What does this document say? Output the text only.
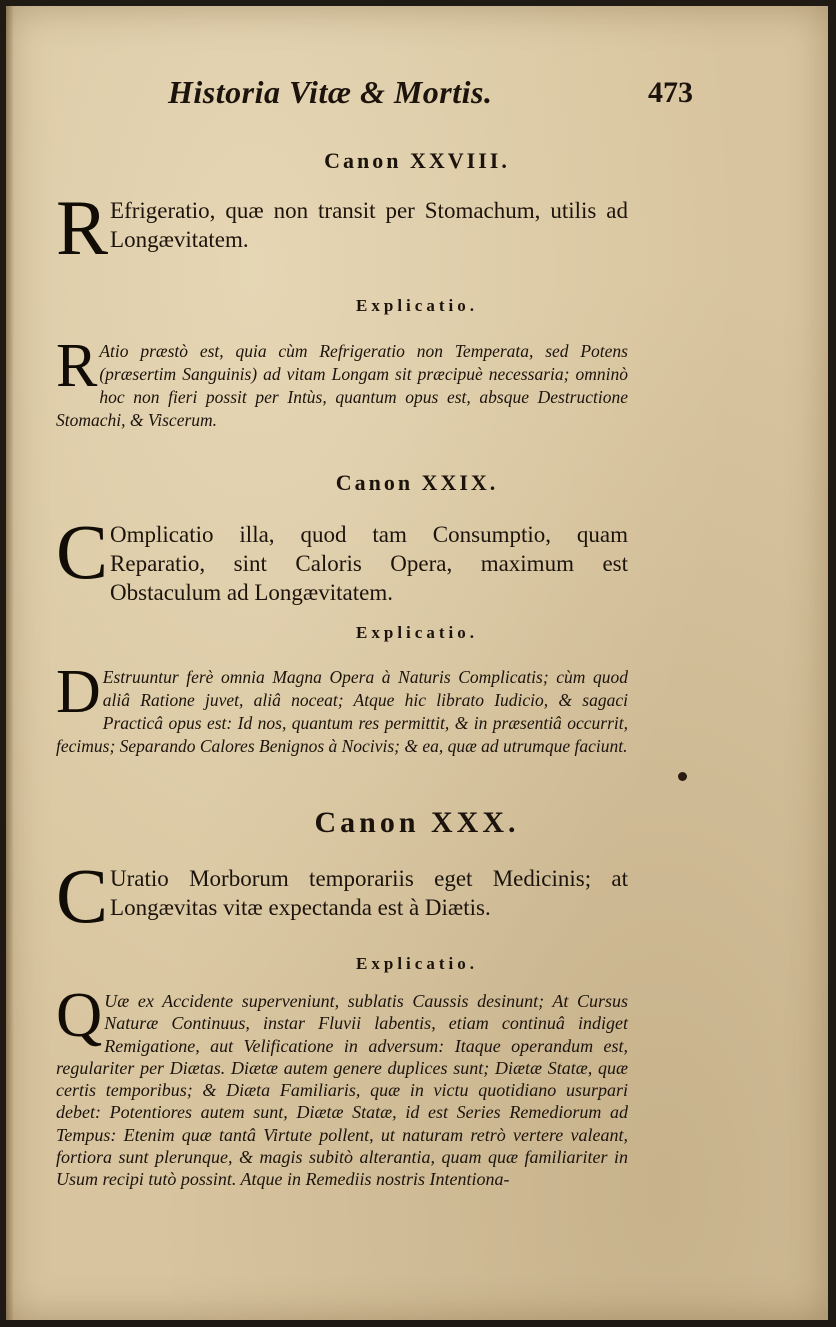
Historia Vitæ & Mortis.	473
Canon XXVIII.
R Efrigeratio, quæ non transit per Stomachum, utilis ad Longævitatem.
Explicatio.
R Atio præstò est, quia cùm Refrigeratio non Temperata, sed Potens (præsertim Sanguinis) ad vitam Longam sit præcipuè necessaria; omninò hoc non fieri possit per Intùs, quantum opus est, absque Destructione Stomachi, & Viscerum.
Canon XXIX.
C Omplicatio illa, quod tam Consumptio, quam Reparatio, sint Caloris Opera, maximum est Obstaculum ad Longævitatem.
Explicatio.
D Estruuntur ferè omnia Magna Opera à Naturis Complicatis; cùm quod aliâ Ratione juvet, aliâ noceat; Atque hic librato Iudicio, & sagaci Practicâ opus est: Id nos, quantum res permittit, & in præsentiâ occurrit, fecimus; Separando Calores Benignos à Nocivis; & ea, quæ ad utrumque faciunt.
Canon XXX.
C Uratio Morborum temporariis eget Medicinis; at Longævitas vitæ expectanda est à Diætis.
Explicatio.
Q Uæ ex Accidente superveniunt, sublatis Caussis desinunt; At Cursus Naturæ Continuus, instar Fluvii labentis, etiam continuâ indiget Remigatione, aut Velificatione in adversum: Itaque operandum est, regulariter per Diætas. Diætæ autem genere duplices sunt; Diætæ Statæ, quæ certis temporibus; & Diæta Familiaris, quæ in victu quotidiano usurpari debet: Potentiores autem sunt, Diætæ Statæ, id est Series Remediorum ad Tempus: Etenim quæ tantâ Virtute pollent, ut naturam retrò vertere valeant, fortiora sunt plerunque, & magis subitò alterantia, quam quæ familiariter in Usum recipi tutò possint. Atque in Remediis nostris Intentiona-
